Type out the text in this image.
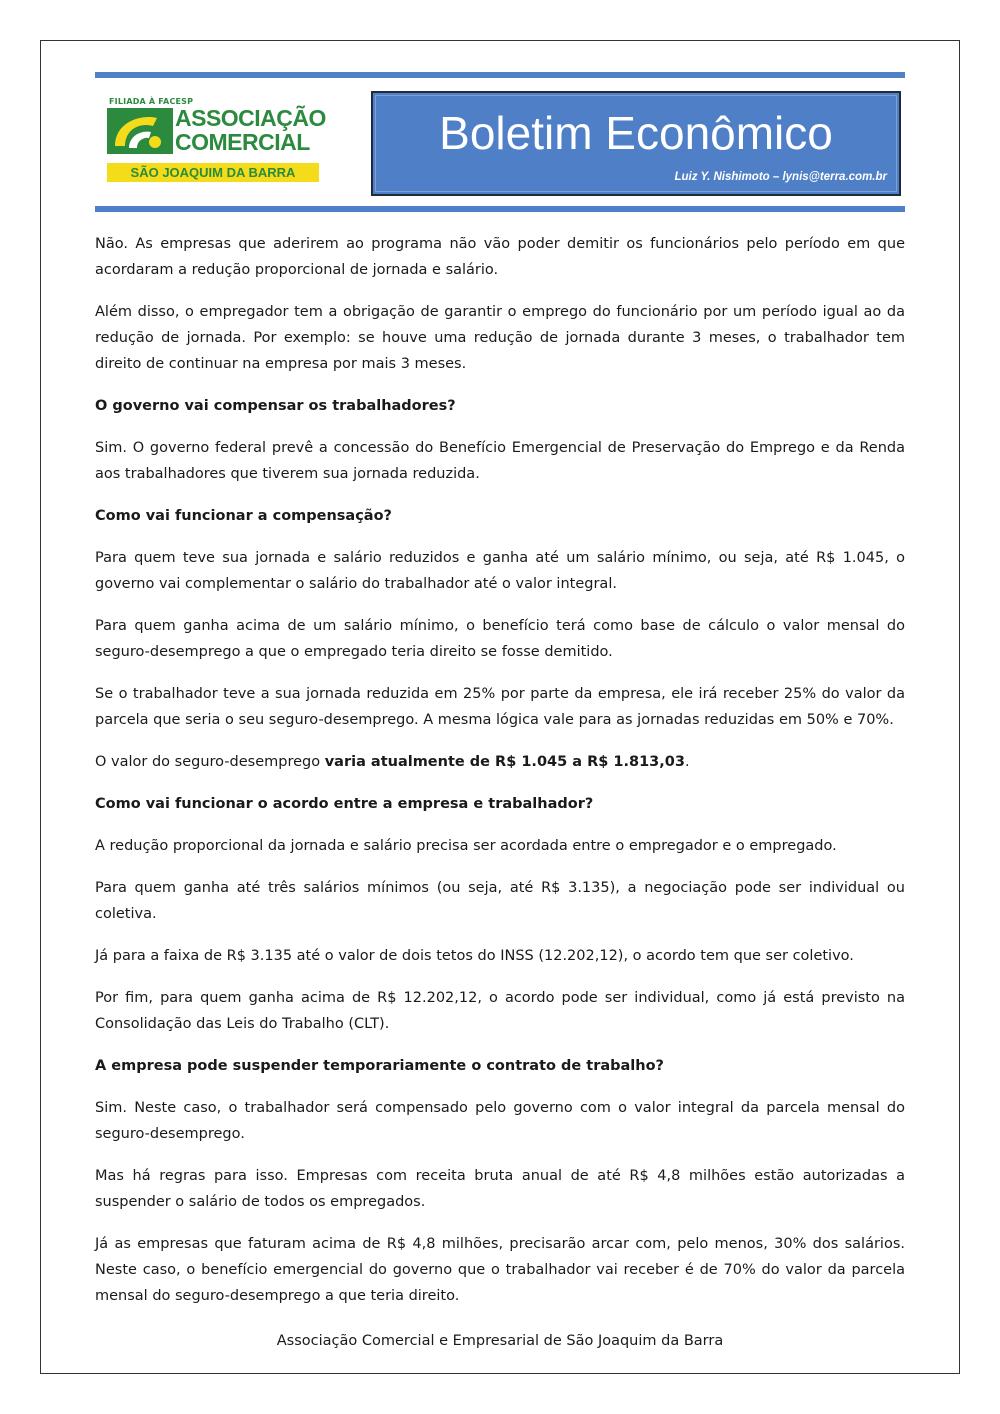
FILIADA À FACESP
ASSOCIAÇÃO
COMERCIAL
SÃO JOAQUIM DA BARRA
Boletim Econômico
Luiz Y. Nishimoto – lynis@terra.com.br

Não. As empresas que aderirem ao programa não vão poder demitir os funcionários pelo período em que acordaram a redução proporcional de jornada e salário.

Além disso, o empregador tem a obrigação de garantir o emprego do funcionário por um período igual ao da redução de jornada. Por exemplo: se houve uma redução de jornada durante 3 meses, o trabalhador tem direito de continuar na empresa por mais 3 meses.

O governo vai compensar os trabalhadores?

Sim. O governo federal prevê a concessão do Benefício Emergencial de Preservação do Emprego e da Renda aos trabalhadores que tiverem sua jornada reduzida.

Como vai funcionar a compensação?

Para quem teve sua jornada e salário reduzidos e ganha até um salário mínimo, ou seja, até R$ 1.045, o governo vai complementar o salário do trabalhador até o valor integral.

Para quem ganha acima de um salário mínimo, o benefício terá como base de cálculo o valor mensal do seguro-desemprego a que o empregado teria direito se fosse demitido.

Se o trabalhador teve a sua jornada reduzida em 25% por parte da empresa, ele irá receber 25% do valor da parcela que seria o seu seguro-desemprego. A mesma lógica vale para as jornadas reduzidas em 50% e 70%.

O valor do seguro-desemprego varia atualmente de R$ 1.045 a R$ 1.813,03.

Como vai funcionar o acordo entre a empresa e trabalhador?

A redução proporcional da jornada e salário precisa ser acordada entre o empregador e o empregado.

Para quem ganha até três salários mínimos (ou seja, até R$ 3.135), a negociação pode ser individual ou coletiva.

Já para a faixa de R$ 3.135 até o valor de dois tetos do INSS (12.202,12), o acordo tem que ser coletivo.

Por fim, para quem ganha acima de R$ 12.202,12, o acordo pode ser individual, como já está previsto na Consolidação das Leis do Trabalho (CLT).

A empresa pode suspender temporariamente o contrato de trabalho?

Sim. Neste caso, o trabalhador será compensado pelo governo com o valor integral da parcela mensal do seguro-desemprego.

Mas há regras para isso. Empresas com receita bruta anual de até R$ 4,8 milhões estão autorizadas a suspender o salário de todos os empregados.

Já as empresas que faturam acima de R$ 4,8 milhões, precisarão arcar com, pelo menos, 30% dos salários. Neste caso, o benefício emergencial do governo que o trabalhador vai receber é de 70% do valor da parcela mensal do seguro-desemprego a que teria direito.

Associação Comercial e Empresarial de São Joaquim da Barra
